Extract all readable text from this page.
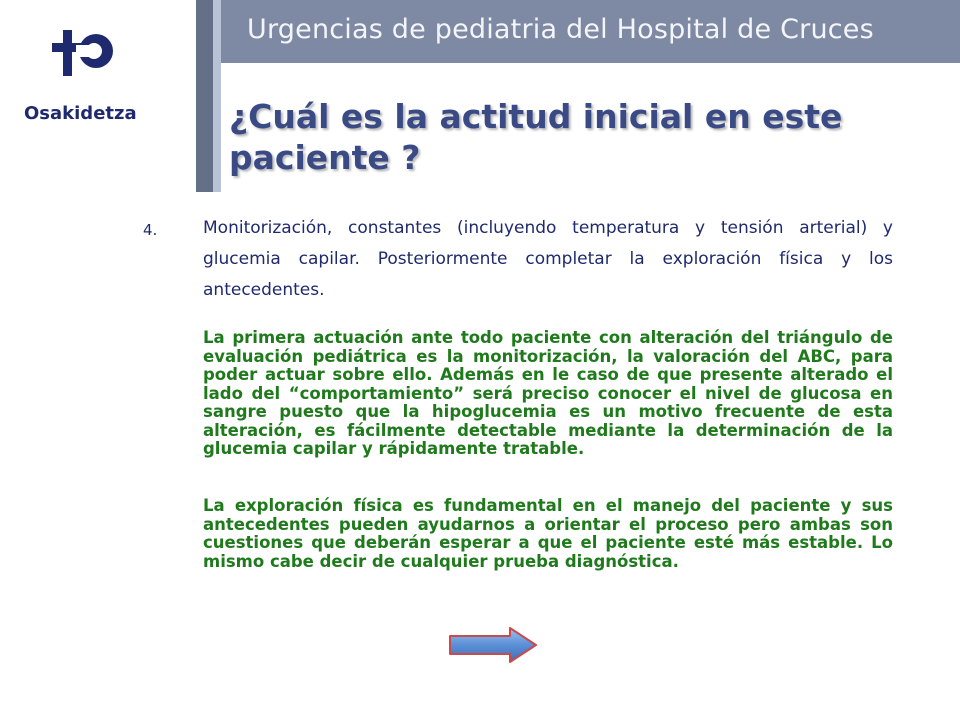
Osakidetza
Urgencias de pediatria del Hospital de Cruces
¿Cuál es la actitud inicial en este paciente ?
4.	Monitorización, constantes (incluyendo temperatura y tensión arterial) y glucemia capilar. Posteriormente completar la exploración física y los antecedentes.

La primera actuación ante todo paciente con alteración del triángulo de evaluación pediátrica es la monitorización, la valoración del ABC, para poder actuar sobre ello. Además en le caso de que presente alterado el lado del “comportamiento” será preciso conocer el nivel de glucosa en sangre puesto que la hipoglucemia es un motivo frecuente de esta alteración, es fácilmente detectable mediante la determinación de la glucemia capilar y rápidamente tratable.

La exploración física es fundamental en el manejo del paciente y sus antecedentes pueden ayudarnos a orientar el proceso pero ambas son cuestiones que deberán esperar a que el paciente esté más estable. Lo mismo cabe decir de cualquier prueba diagnóstica.
